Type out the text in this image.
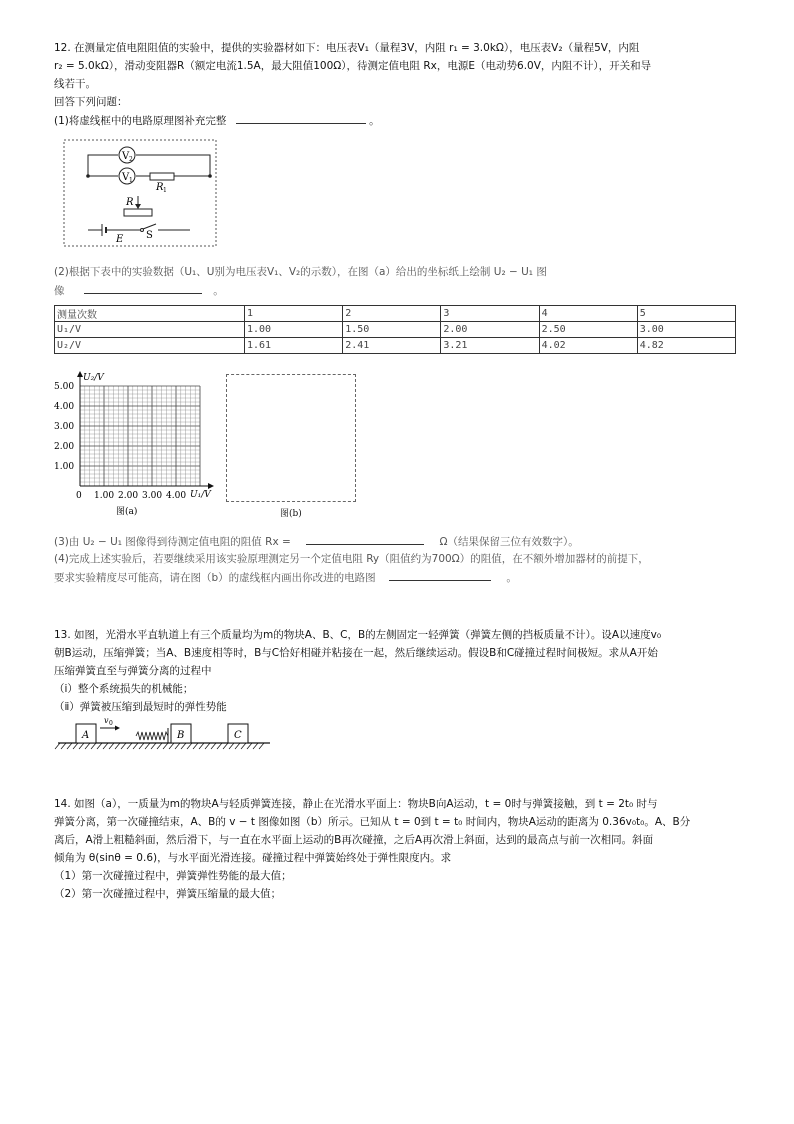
12. 在测量定值电阻阻值的实验中，提供的实验器材如下：电压表V₁（量程3V，内阻 r₁ = 3.0kΩ），电压表V₂（量程5V，内阻
r₂ = 5.0kΩ），滑动变阻器R（额定电流1.5A，最大阻值100Ω），待测定值电阻 Rx，电源E（电动势6.0V，内阻不计），开关和导
线若干。
回答下列问题：
(1)将虚线框中的电路原理图补充完整	。
V 2
V 1
R 1
R
E S
(2)根据下表中的实验数据（U₁、U别为电压表V₁、V₂的示数），在图（a）给出的坐标纸上绘制 U₂ − U₁ 图
像	。
测量次数	1	2	3	4	5
U₁/V	1.00	1.50	2.00	2.50	3.00
U₂/V	1.61	2.41	3.21	4.02	4.82
U₂/V
U₁/V
5.00
4.00
3.00
2.00
1.00
0 1.00 2.00 3.00 4.00
图(a)	图(b)
(3)由 U₂ − U₁ 图像得到待测定值电阻的阻值 Rx =	Ω（结果保留三位有效数字）。
(4)完成上述实验后，若要继续采用该实验原理测定另一个定值电阻 Ry（阻值约为700Ω）的阻值，在不额外增加器材的前提下，
要求实验精度尽可能高，请在图（b）的虚线框内画出你改进的电路图	。
13. 如图，光滑水平直轨道上有三个质量均为m的物块A、B、C，B的左侧固定一轻弹簧（弹簧左侧的挡板质量不计）。设A以速度v₀
朝B运动，压缩弹簧；当A、B速度相等时，B与C恰好相碰并粘接在一起，然后继续运动。假设B和C碰撞过程时间极短。求从A开始
压缩弹簧直至与弹簧分离的过程中
（ⅰ）整个系统损失的机械能；
（ⅱ）弹簧被压缩到最短时的弹性势能
A
v 0
B	C
14. 如图（a），一质量为m的物块A与轻质弹簧连接，静止在光滑水平面上：物块B向A运动，t = 0时与弹簧接触，到 t = 2t₀ 时与
弹簧分离，第一次碰撞结束，A、B的 v − t 图像如图（b）所示。已知从 t = 0到 t = t₀ 时间内，物块A运动的距离为 0.36v₀t₀。A、B分
离后，A滑上粗糙斜面，然后滑下，与一直在水平面上运动的B再次碰撞，之后A再次滑上斜面，达到的最高点与前一次相同。斜面
倾角为 θ(sinθ = 0.6)，与水平面光滑连接。碰撞过程中弹簧始终处于弹性限度内。求
（1）第一次碰撞过程中，弹簧弹性势能的最大值；
（2）第一次碰撞过程中，弹簧压缩量的最大值；
